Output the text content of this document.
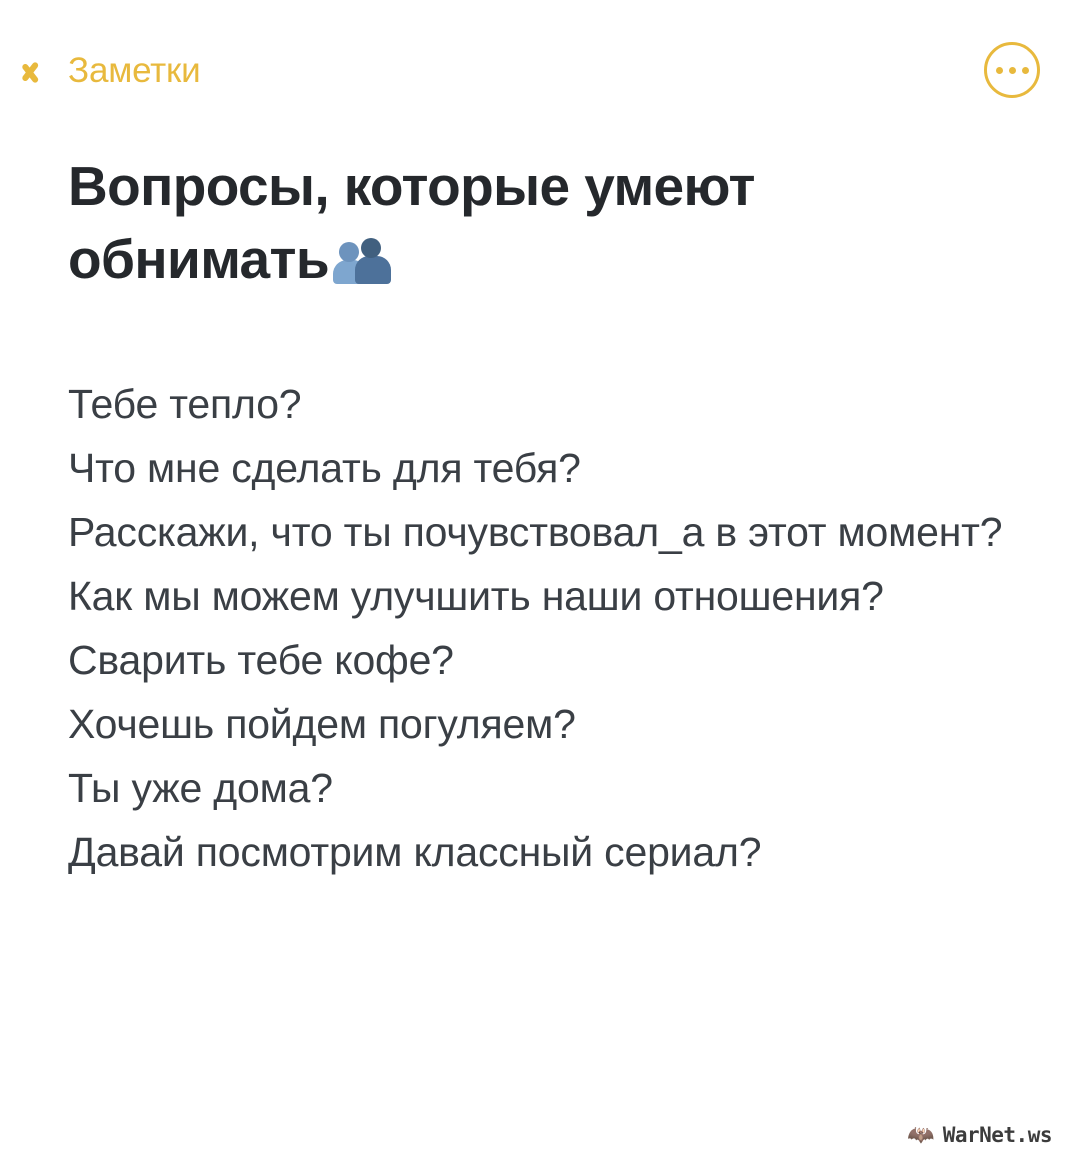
Заметки
Вопросы, которые умеют обнимать

Тебе тепло?

Что мне сделать для тебя?

Расскажи, что ты почувствовал_а в этот момент?

Как мы можем улучшить наши отношения?

Сварить тебе кофе?

Хочешь пойдем погуляем?

Ты уже дома?

Давай посмотрим классный сериал?

🦇 WarNet.ws
